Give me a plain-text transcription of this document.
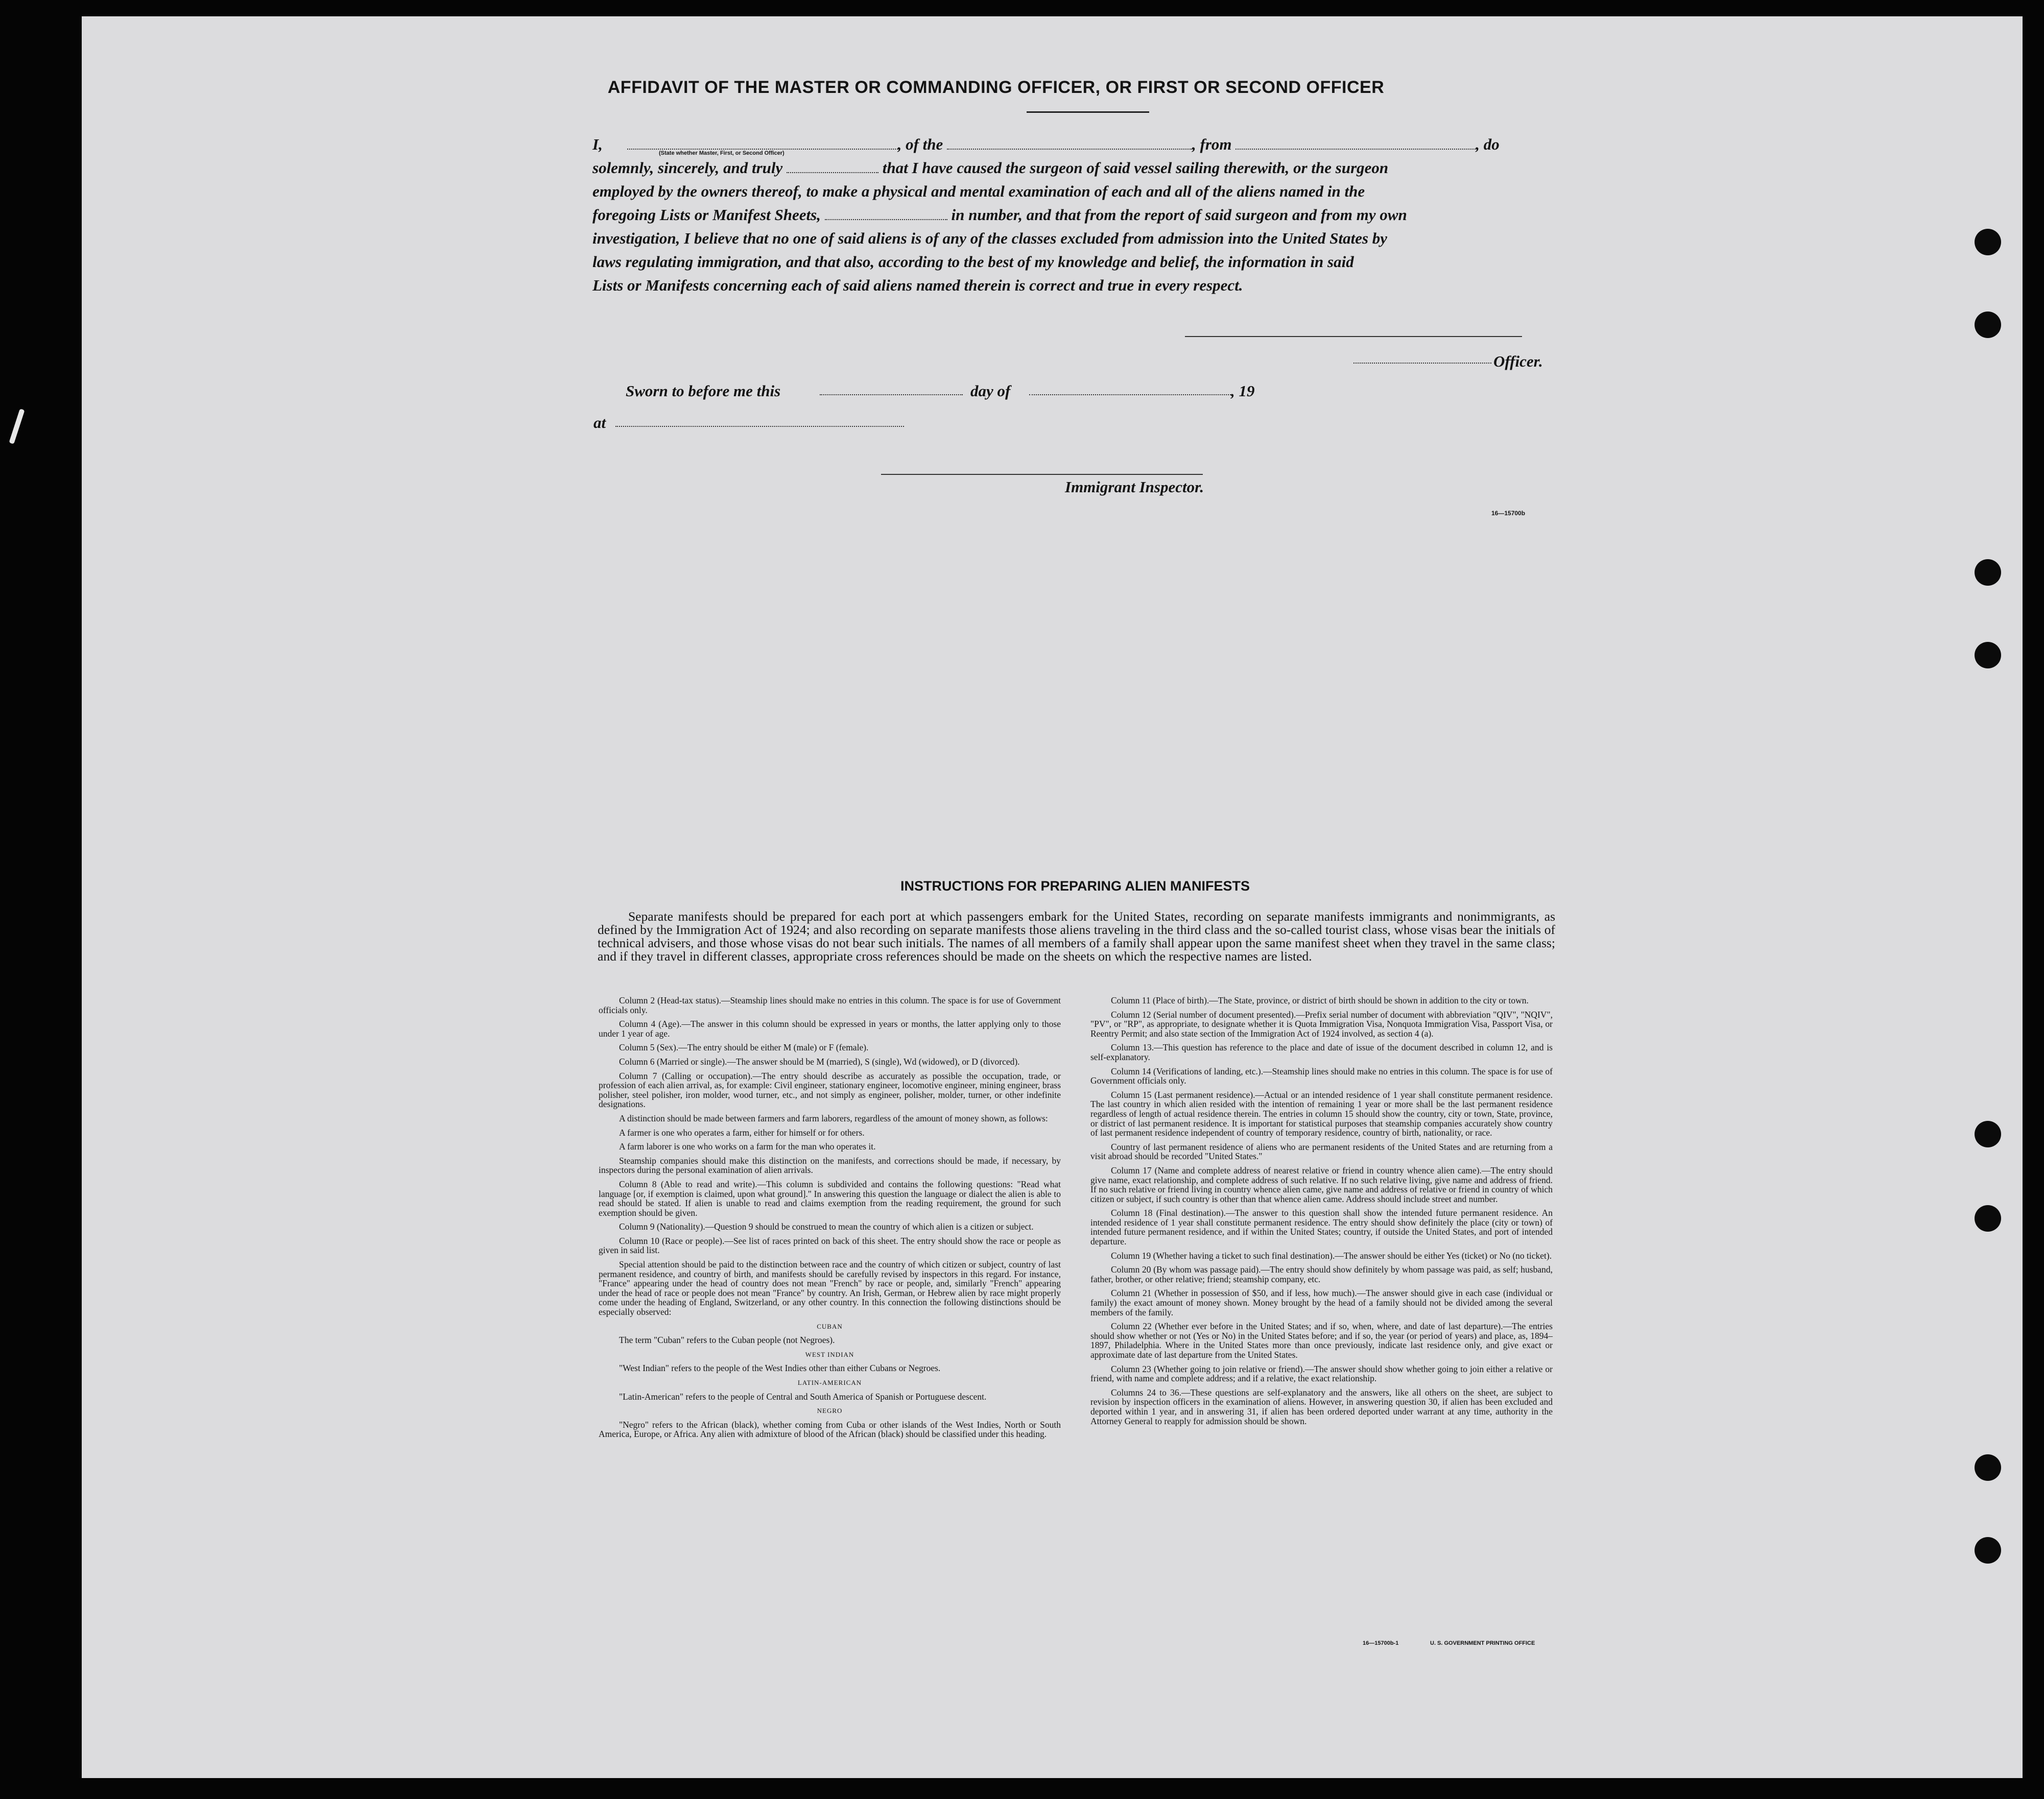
AFFIDAVIT OF THE MASTER OR COMMANDING OFFICER, OR FIRST OR SECOND OFFICER
I,	, of the	, from	, do
solemnly, sincerely, and truly	that I have caused the surgeon of said vessel sailing therewith, or the surgeon
employed by the owners thereof, to make a physical and mental examination of each and all of the aliens named in the
foregoing Lists or Manifest Sheets,	in number, and that from the report of said surgeon and from my own
investigation, I believe that no one of said aliens is of any of the classes excluded from admission into the United States by
laws regulating immigration, and that also, according to the best of my knowledge and belief, the information in said
Lists or Manifests concerning each of said aliens named therein is correct and true in every respect.
(State whether Master, First, or Second Officer)
Officer.
Sworn to before me this	day of	, 19
at
Immigrant Inspector.
16—15700b
INSTRUCTIONS FOR PREPARING ALIEN MANIFESTS
Separate manifests should be prepared for each port at which passengers embark for the United States, recording on separate manifests immigrants and nonimmigrants, as defined by the Immigration Act of 1924; and also recording on separate manifests those aliens traveling in the third class and the so-called tourist class, whose visas bear the initials of technical advisers, and those whose visas do not bear such initials. The names of all members of a family shall appear upon the same manifest sheet when they travel in the same class; and if they travel in different classes, appropriate cross references should be made on the sheets on which the respective names are listed.

Column 2 (Head-tax status).—Steamship lines should make no entries in this column. The space is for use of Government officials only.

Column 4 (Age).—The answer in this column should be expressed in years or months, the latter applying only to those under 1 year of age.

Column 5 (Sex).—The entry should be either M (male) or F (female).

Column 6 (Married or single).—The answer should be M (married), S (single), Wd (widowed), or D (divorced).

Column 7 (Calling or occupation).—The entry should describe as accurately as possible the occupation, trade, or profession of each alien arrival, as, for example: Civil engineer, stationary engineer, locomotive engineer, mining engineer, brass polisher, steel polisher, iron molder, wood turner, etc., and not simply as engineer, polisher, molder, turner, or other indefinite designations.

A distinction should be made between farmers and farm laborers, regardless of the amount of money shown, as follows:

A farmer is one who operates a farm, either for himself or for others.

A farm laborer is one who works on a farm for the man who operates it.

Steamship companies should make this distinction on the manifests, and corrections should be made, if necessary, by inspectors during the personal examination of alien arrivals.

Column 8 (Able to read and write).—This column is subdivided and contains the following questions: "Read what language [or, if exemption is claimed, upon what ground]." In answering this question the language or dialect the alien is able to read should be stated. If alien is unable to read and claims exemption from the reading requirement, the ground for such exemption should be given.

Column 9 (Nationality).—Question 9 should be construed to mean the country of which alien is a citizen or subject.

Column 10 (Race or people).—See list of races printed on back of this sheet. The entry should show the race or people as given in said list.

Special attention should be paid to the distinction between race and the country of which citizen or subject, country of last permanent residence, and country of birth, and manifests should be carefully revised by inspectors in this regard. For instance, "France" appearing under the head of country does not mean "French" by race or people, and, similarly "French" appearing under the head of race or people does not mean "France" by country. An Irish, German, or Hebrew alien by race might properly come under the heading of England, Switzerland, or any other country. In this connection the following distinctions should be especially observed:

CUBAN

The term "Cuban" refers to the Cuban people (not Negroes).

WEST INDIAN

"West Indian" refers to the people of the West Indies other than either Cubans or Negroes.

LATIN-AMERICAN

"Latin-American" refers to the people of Central and South America of Spanish or Portuguese descent.

NEGRO

"Negro" refers to the African (black), whether coming from Cuba or other islands of the West Indies, North or South America, Europe, or Africa. Any alien with admixture of blood of the African (black) should be classified under this heading.

Column 11 (Place of birth).—The State, province, or district of birth should be shown in addition to the city or town.

Column 12 (Serial number of document presented).—Prefix serial number of document with abbreviation "QIV", "NQIV", "PV", or "RP", as appropriate, to designate whether it is Quota Immigration Visa, Nonquota Immigration Visa, Passport Visa, or Reentry Permit; and also state section of the Immigration Act of 1924 involved, as section 4 (a).

Column 13.—This question has reference to the place and date of issue of the document described in column 12, and is self-explanatory.

Column 14 (Verifications of landing, etc.).—Steamship lines should make no entries in this column. The space is for use of Government officials only.

Column 15 (Last permanent residence).—Actual or an intended residence of 1 year shall constitute permanent residence. The last country in which alien resided with the intention of remaining 1 year or more shall be the last permanent residence regardless of length of actual residence therein. The entries in column 15 should show the country, city or town, State, province, or district of last permanent residence. It is important for statistical purposes that steamship companies accurately show country of last permanent residence independent of country of temporary residence, country of birth, nationality, or race.

Country of last permanent residence of aliens who are permanent residents of the United States and are returning from a visit abroad should be recorded "United States."

Column 17 (Name and complete address of nearest relative or friend in country whence alien came).—The entry should give name, exact relationship, and complete address of such relative. If no such relative living, give name and address of friend. If no such relative or friend living in country whence alien came, give name and address of relative or friend in country of which citizen or subject, if such country is other than that whence alien came. Address should include street and number.

Column 18 (Final destination).—The answer to this question shall show the intended future permanent residence. An intended residence of 1 year shall constitute permanent residence. The entry should show definitely the place (city or town) of intended future permanent residence, and if within the United States; country, if outside the United States, and port of intended departure.

Column 19 (Whether having a ticket to such final destination).—The answer should be either Yes (ticket) or No (no ticket).

Column 20 (By whom was passage paid).—The entry should show definitely by whom passage was paid, as self; husband, father, brother, or other relative; friend; steamship company, etc.

Column 21 (Whether in possession of $50, and if less, how much).—The answer should give in each case (individual or family) the exact amount of money shown. Money brought by the head of a family should not be divided among the several members of the family.

Column 22 (Whether ever before in the United States; and if so, when, where, and date of last departure).—The entries should show whether or not (Yes or No) in the United States before; and if so, the year (or period of years) and place, as, 1894–1897, Philadelphia. Where in the United States more than once previously, indicate last residence only, and give exact or approximate date of last departure from the United States.

Column 23 (Whether going to join relative or friend).—The answer should show whether going to join either a relative or friend, with name and complete address; and if a relative, the exact relationship.

Columns 24 to 36.—These questions are self-explanatory and the answers, like all others on the sheet, are subject to revision by inspection officers in the examination of aliens. However, in answering question 30, if alien has been excluded and deported within 1 year, and in answering 31, if alien has been ordered deported under warrant at any time, authority in the Attorney General to reapply for admission should be shown.

16—15700b-1	U. S. GOVERNMENT PRINTING OFFICE
